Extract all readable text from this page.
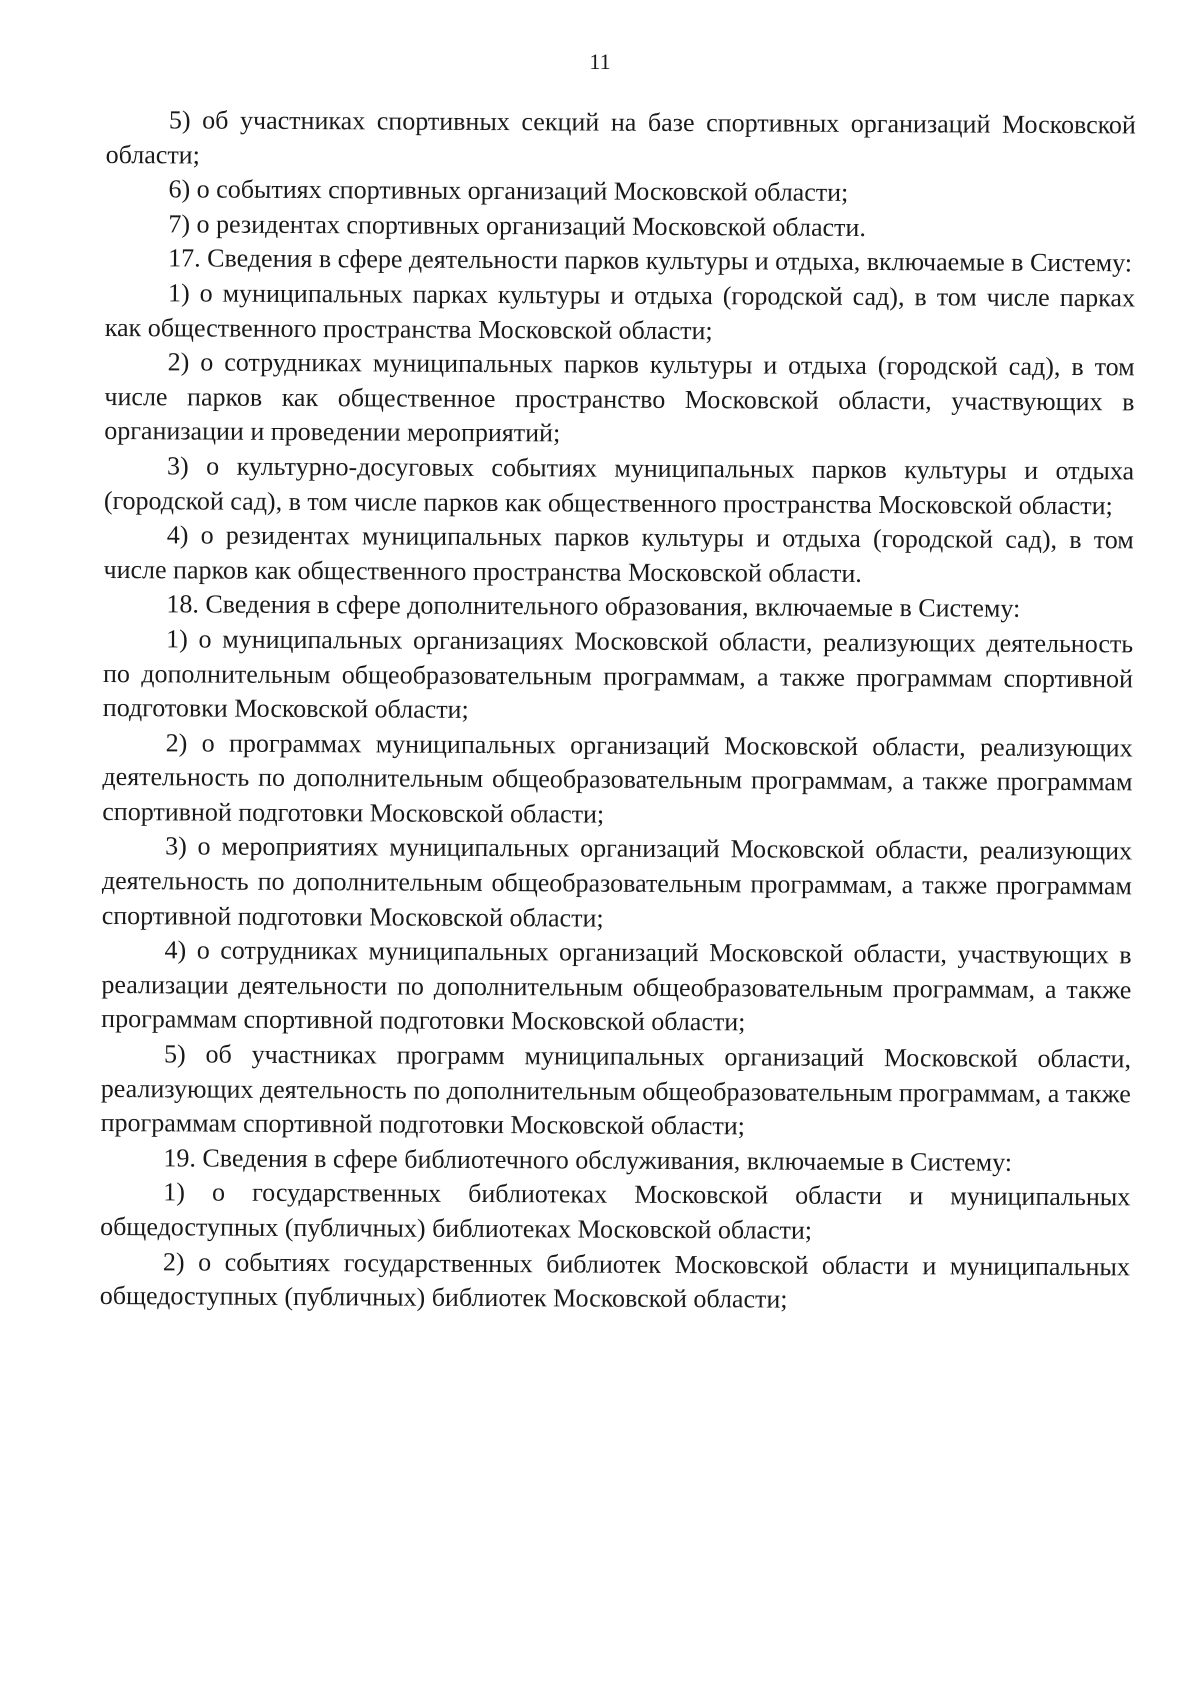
11

5) об участниках спортивных секций на базе спортивных организаций Московской области;

6) о событиях спортивных организаций Московской области;

7) о резидентах спортивных организаций Московской области.

17. Сведения в сфере деятельности парков культуры и отдыха, включаемые в Систему:

1) о муниципальных парках культуры и отдыха (городской сад), в том числе парках как общественного пространства Московской области;

2) о сотрудниках муниципальных парков культуры и отдыха (городской сад), в том числе парков как общественное пространство Московской области, участвующих в организации и проведении мероприятий;

3) о культурно-досуговых событиях муниципальных парков культуры и отдыха (городской сад), в том числе парков как общественного пространства Московской области;

4) о резидентах муниципальных парков культуры и отдыха (городской сад), в том числе парков как общественного пространства Московской области.

18. Сведения в сфере дополнительного образования, включаемые в Систему:

1) о муниципальных организациях Московской области, реализующих деятельность по дополнительным общеобразовательным программам, а также программам спортивной подготовки Московской области;

2) о программах муниципальных организаций Московской области, реализующих деятельность по дополнительным общеобразовательным программам, а также программам спортивной подготовки Московской области;

3) о мероприятиях муниципальных организаций Московской области, реализующих деятельность по дополнительным общеобразовательным программам, а также программам спортивной подготовки Московской области;

4) о сотрудниках муниципальных организаций Московской области, участвующих в реализации деятельности по дополнительным общеобразовательным программам, а также программам спортивной подготовки Московской области;

5) об участниках программ муниципальных организаций Московской области, реализующих деятельность по дополнительным общеобразовательным программам, а также программам спортивной подготовки Московской области;

19. Сведения в сфере библиотечного обслуживания, включаемые в Систему:

1) о государственных библиотеках Московской области и муниципальных общедоступных (публичных) библиотеках Московской области;

2) о событиях государственных библиотек Московской области и муниципальных общедоступных (публичных) библиотек Московской области;
